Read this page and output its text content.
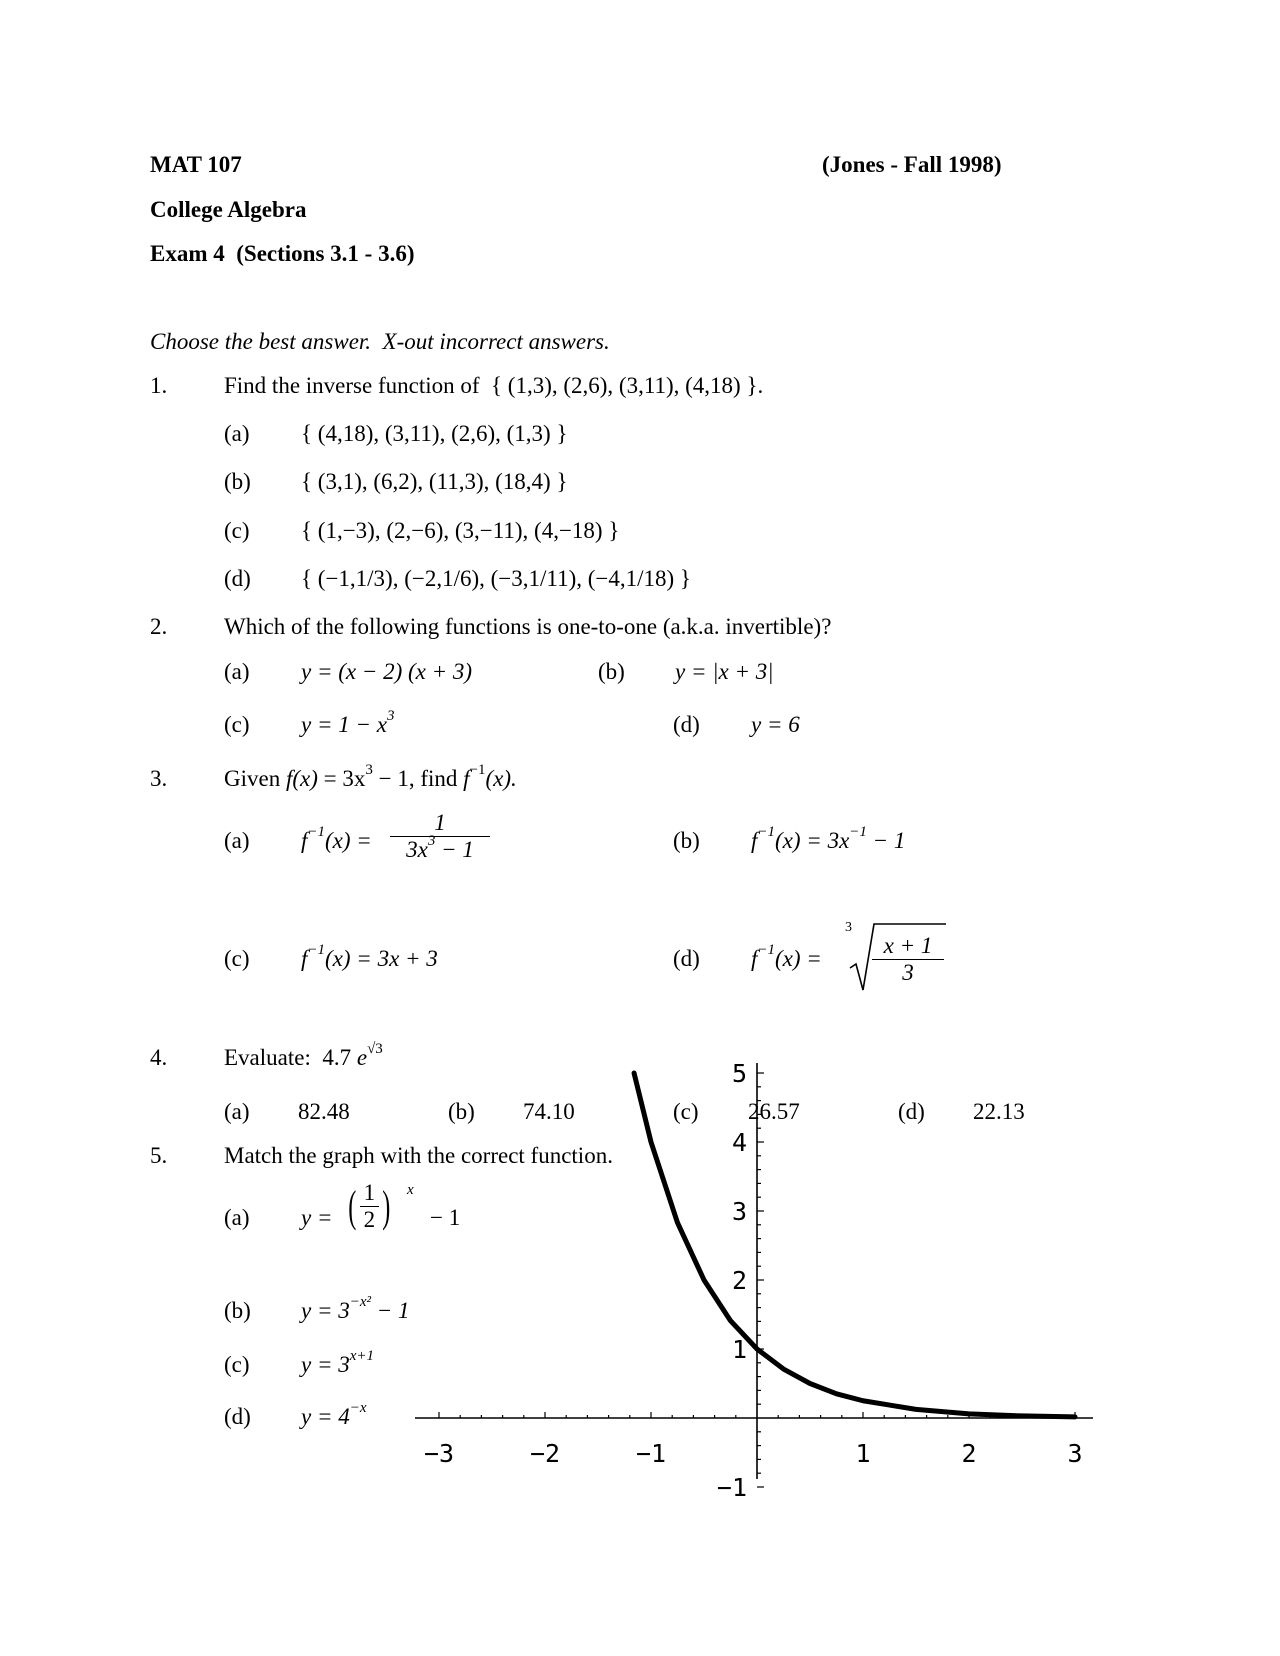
MAT 107	(Jones - Fall 1998)
College Algebra
Exam 4  (Sections 3.1 - 3.6)
Choose the best answer.  X-out incorrect answers.
1. Find the inverse function of  { (1,3), (2,6), (3,11), (4,18) }.
(a) { (4,18), (3,11), (2,6), (1,3) }
(b) { (3,1), (6,2), (11,3), (18,4) }
(c) { (1,−3), (2,−6), (3,−11), (4,−18) }
(d) { (−1,1/3), (−2,1/6), (−3,1/11), (−4,1/18) }
2. Which of the following functions is one-to-one (a.k.a. invertible)?
(a) y = (x − 2) (x + 3)	(b) y = |x + 3|
(c) $y = 1 - x^3$	(d) y = 6
3. Given $f(x) = 3x^3 - 1$, find $f^{-1}(x)$.
(a) $f^{-1}(x) = \frac{1}{3x^3 - 1}$	(b) $f^{-1}(x) = 3x^{-1} - 1$
(c) $f^{-1}(x) = 3x + 3$	(d) $f^{-1}(x)$ =
3
$\frac{x + 1}{3}$
4. Evaluate:  4.7 $e^{√3}$
(a) 82.48	(b) 74.10	(c) 26.57	(d) 22.13
5. Match the graph with the correct function.
(a) y = ( $\frac{1}{2}$ ) x
− 1
(b) $y = 3^{-x^2} - 1$
(c) $y = 3^{x+1}$
(d) $y = 4^{-x}$
−3	−2	−1	1	2	3
−1
1
2
3
4
5
